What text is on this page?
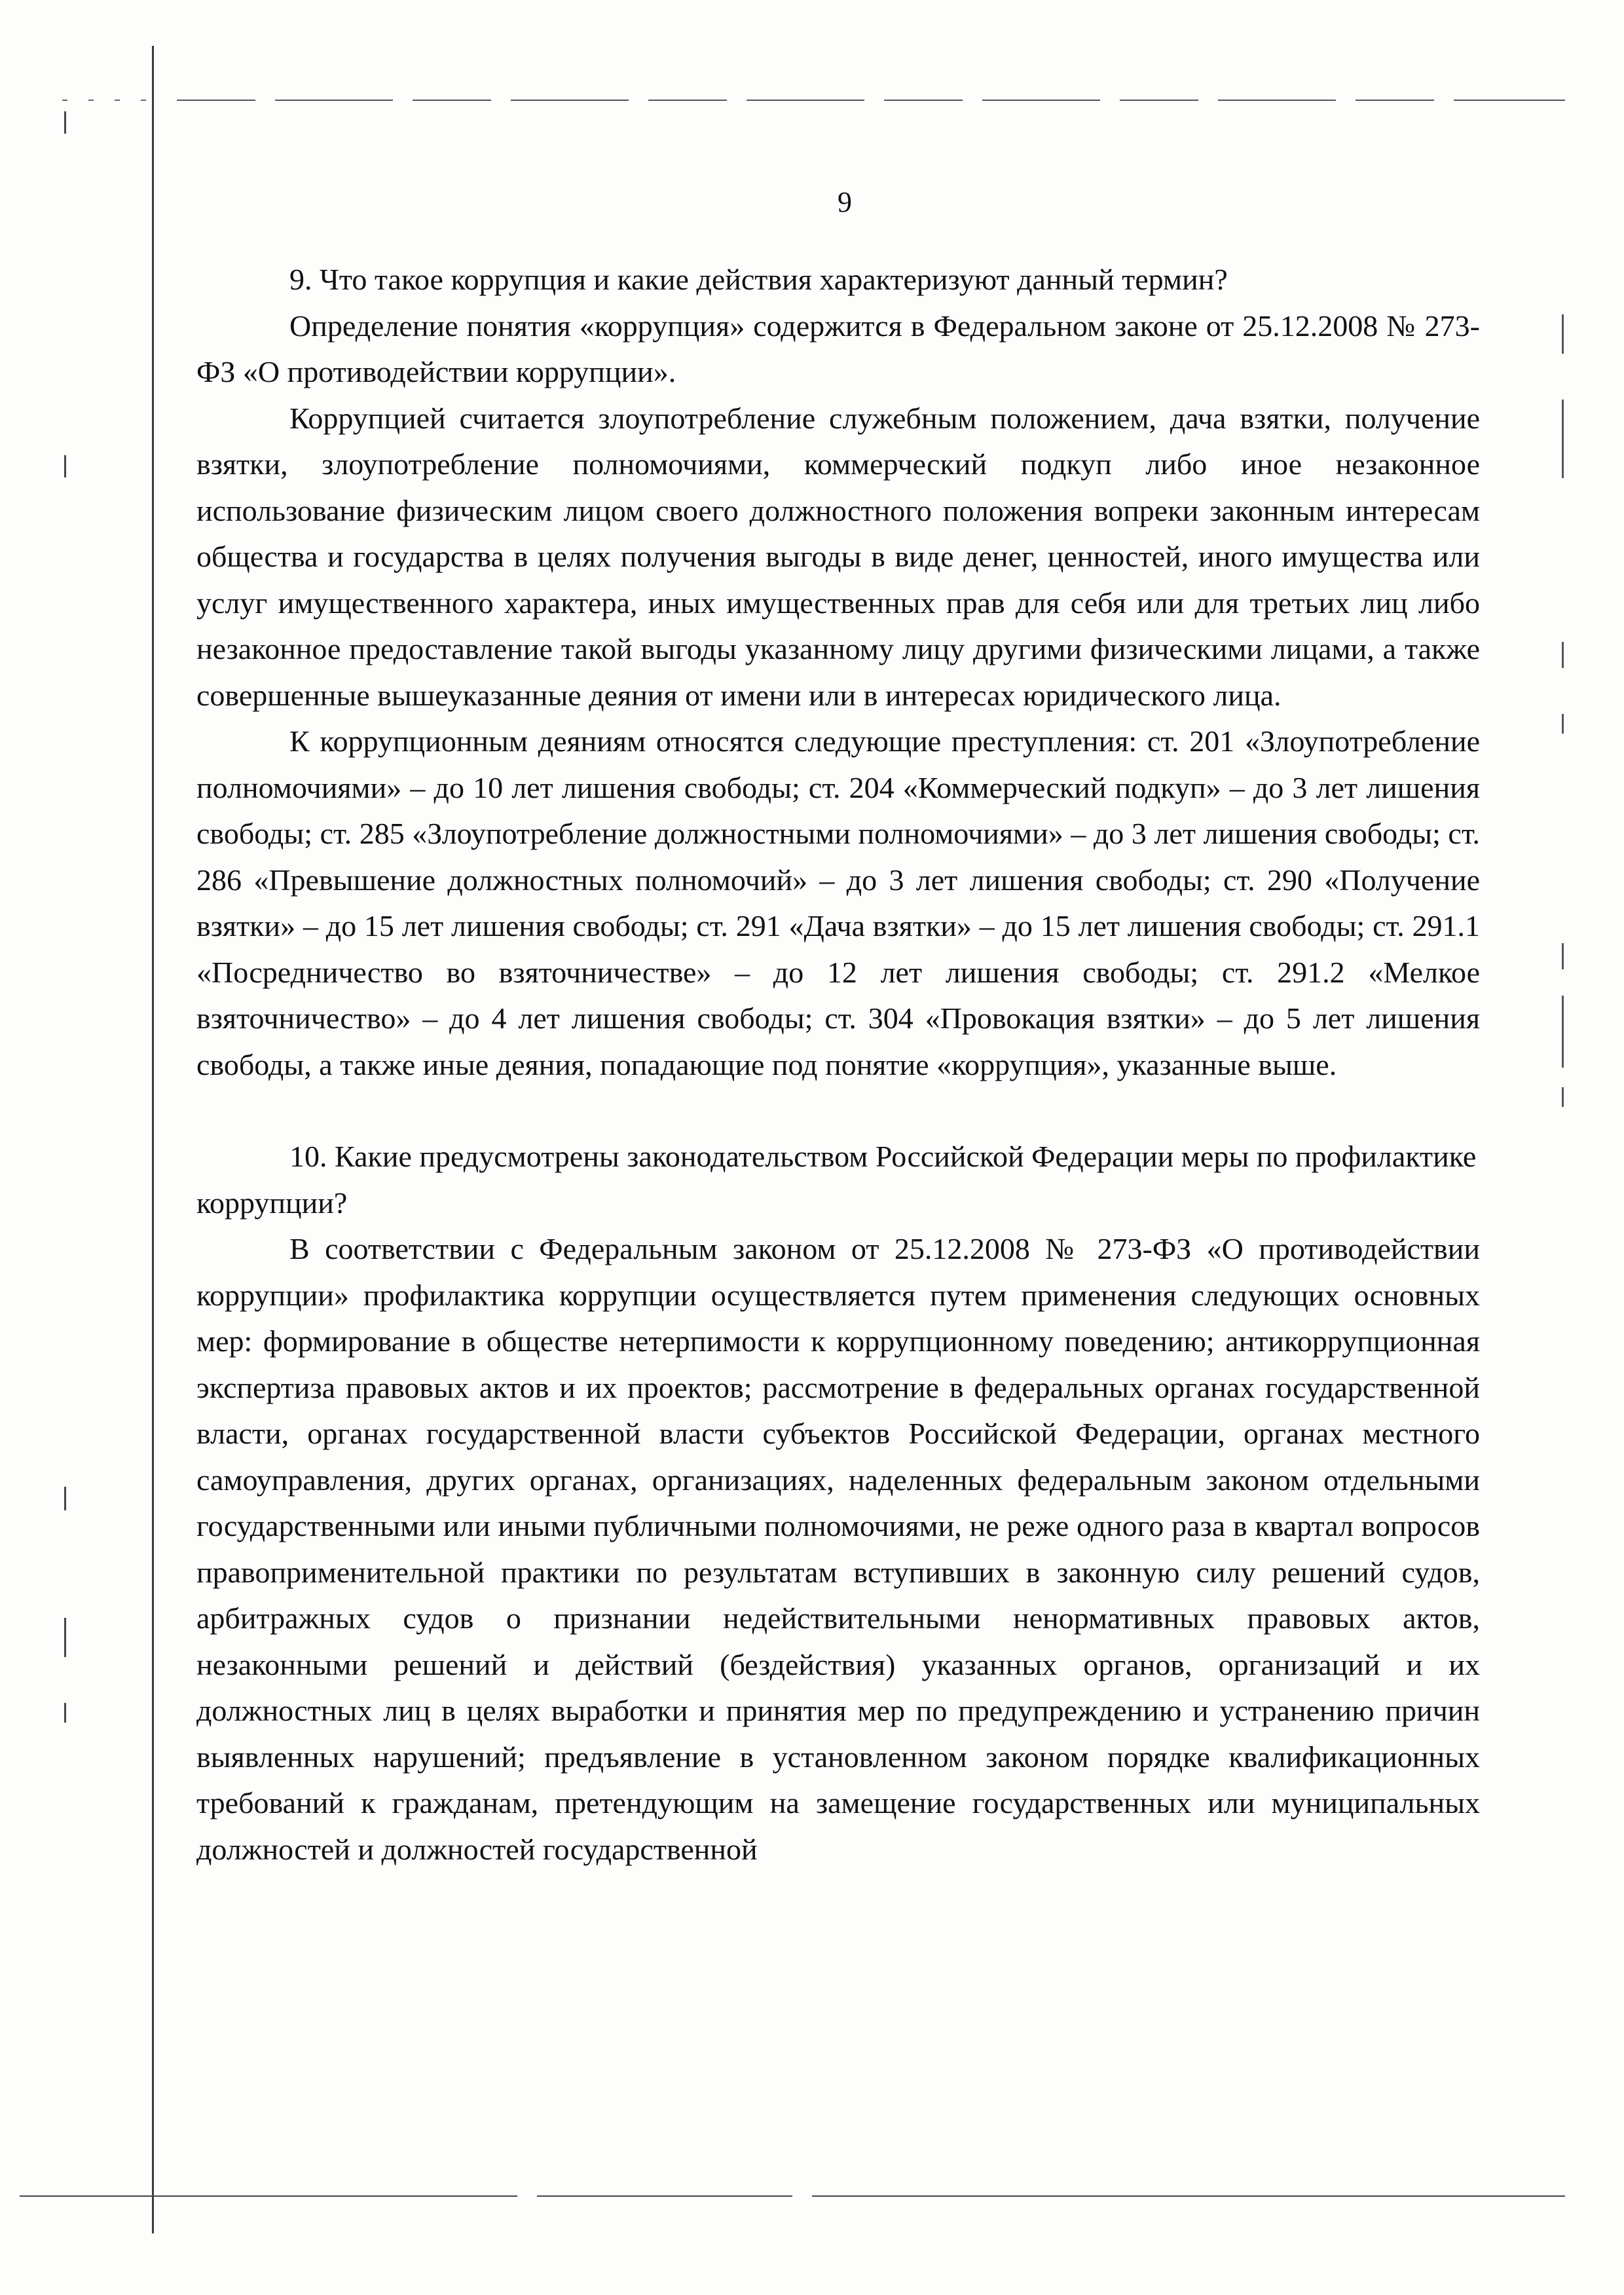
9

9. Что такое коррупция и какие действия характеризуют данный термин?

Определение понятия «коррупция» содержится в Федеральном законе от 25.12.2008 № 273-ФЗ «О противодействии коррупции».

Коррупцией считается злоупотребление служебным положением, дача взятки, получение взятки, злоупотребление полномочиями, коммерческий подкуп либо иное незаконное использование физическим лицом своего должностного положения вопреки законным интересам общества и государства в целях получения выгоды в виде денег, ценностей, иного имущества или услуг имущественного характера, иных имущественных прав для себя или для третьих лиц либо незаконное предоставление такой выгоды указанному лицу другими физическими лицами, а также совершенные вышеуказанные деяния от имени или в интересах юридического лица.

К коррупционным деяниям относятся следующие преступления: ст. 201 «Злоупотребление полномочиями» – до 10 лет лишения свободы; ст. 204 «Коммерческий подкуп» – до 3 лет лишения свободы; ст. 285 «Злоупотребление должностными полномочиями» – до 3 лет лишения свободы; ст. 286 «Превышение должностных полномочий» – до 3 лет лишения свободы; ст. 290 «Получение взятки» – до 15 лет лишения свободы; ст. 291 «Дача взятки» – до 15 лет лишения свободы; ст. 291.1 «Посредничество во взяточничестве» – до 12 лет лишения свободы; ст. 291.2 «Мелкое взяточничество» – до 4 лет лишения свободы; ст. 304 «Провокация взятки» – до 5 лет лишения свободы, а также иные деяния, попадающие под понятие «коррупция», указанные выше.

10. Какие предусмотрены законодательством Российской Федерации меры по профилактике коррупции?

В соответствии с Федеральным законом от 25.12.2008 № 273-ФЗ «О противодействии коррупции» профилактика коррупции осуществляется путем применения следующих основных мер: формирование в обществе нетерпимости к коррупционному поведению; антикоррупционная экспертиза правовых актов и их проектов; рассмотрение в федеральных органах государственной власти, органах государственной власти субъектов Российской Федерации, органах местного самоуправления, других органах, организациях, наделенных федеральным законом отдельными государственными или иными публичными полномочиями, не реже одного раза в квартал вопросов правоприменительной практики по результатам вступивших в законную силу решений судов, арбитражных судов о признании недействительными ненормативных правовых актов, незаконными решений и действий (бездействия) указанных органов, организаций и их должностных лиц в целях выработки и принятия мер по предупреждению и устранению причин выявленных нарушений; предъявление в установленном законом порядке квалификационных требований к гражданам, претендующим на замещение государственных или муниципальных должностей и должностей государственной
